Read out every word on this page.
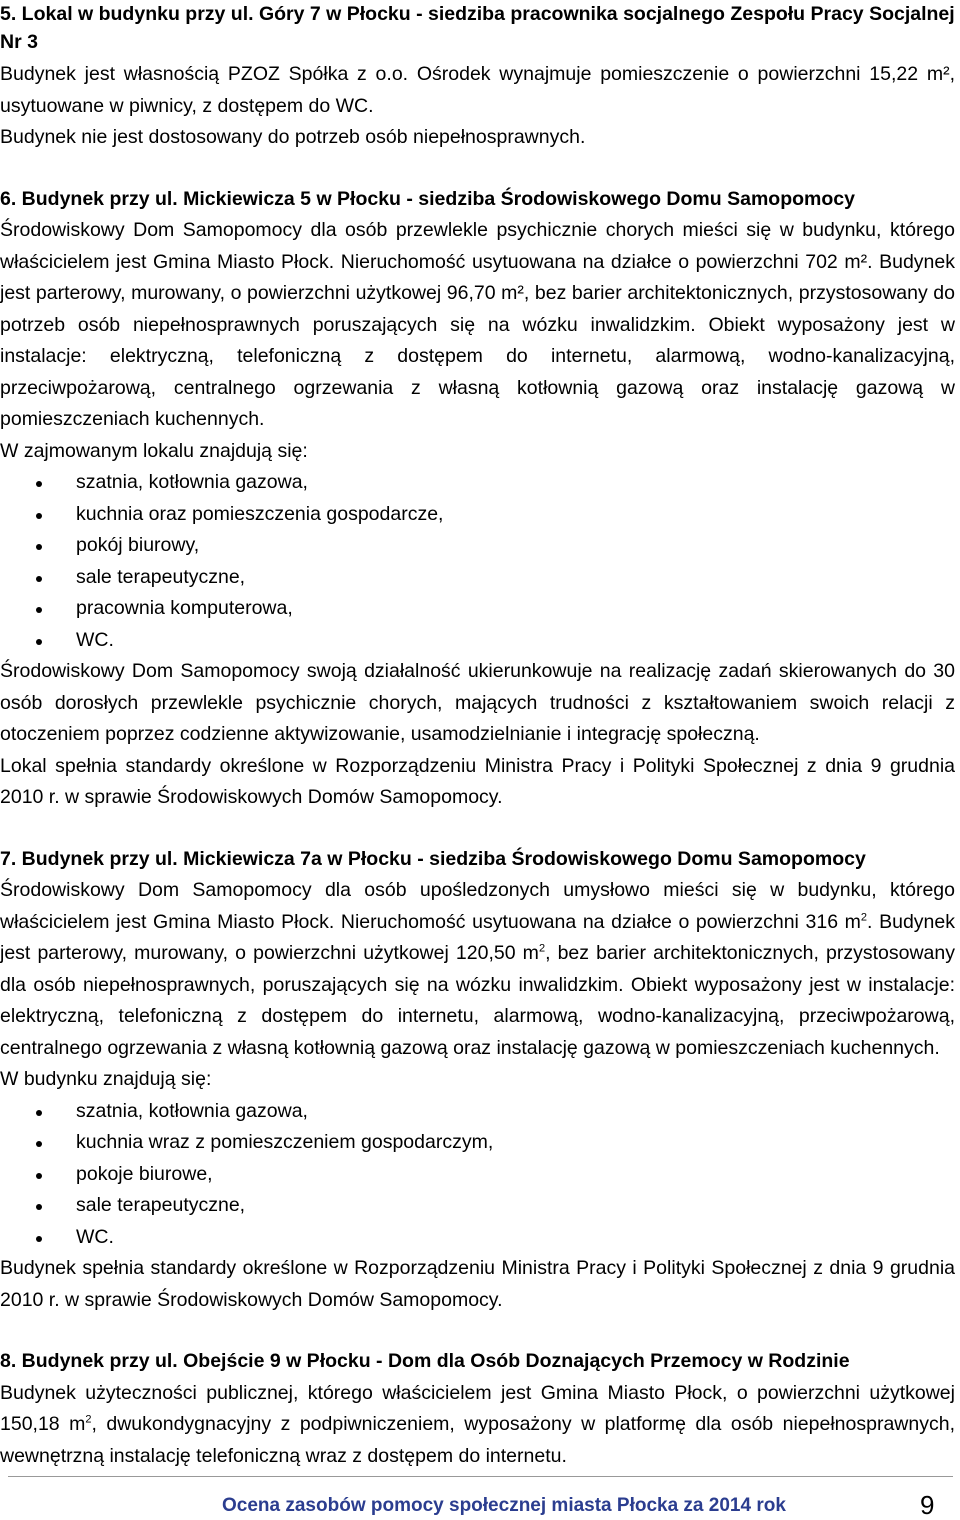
5. Lokal w budynku przy ul. Góry 7 w Płocku - siedziba pracownika socjalnego Zespołu Pracy Socjalnej Nr 3
Budynek jest własnością PZOZ Spółka z o.o. Ośrodek wynajmuje pomieszczenie o powierzchni 15,22 m², usytuowane w piwnicy, z dostępem do WC.
Budynek nie jest dostosowany do potrzeb osób niepełnosprawnych.
6. Budynek przy ul. Mickiewicza 5 w Płocku - siedziba Środowiskowego Domu Samopomocy
Środowiskowy Dom Samopomocy dla osób przewlekle psychicznie chorych mieści się w budynku, którego właścicielem jest Gmina Miasto Płock. Nieruchomość usytuowana na działce o powierzchni 702 m². Budynek jest parterowy, murowany, o powierzchni użytkowej 96,70 m², bez barier architektonicznych, przystosowany do potrzeb osób niepełnosprawnych poruszających się na wózku inwalidzkim. Obiekt wyposażony jest w instalacje: elektryczną, telefoniczną z dostępem do internetu, alarmową, wodno-kanalizacyjną, przeciwpożarową, centralnego ogrzewania z własną kotłownią gazową oraz instalację gazową w pomieszczeniach kuchennych.
W zajmowanym lokalu znajdują się:
szatnia, kotłownia gazowa,
kuchnia oraz pomieszczenia gospodarcze,
pokój biurowy,
sale terapeutyczne,
pracownia komputerowa,
WC.
Środowiskowy Dom Samopomocy swoją działalność ukierunkowuje na realizację zadań skierowanych do 30 osób dorosłych przewlekle psychicznie chorych, mających trudności z kształtowaniem swoich relacji z otoczeniem poprzez codzienne aktywizowanie, usamodzielnianie i integrację społeczną.
Lokal spełnia standardy określone w Rozporządzeniu Ministra Pracy i Polityki Społecznej z dnia 9 grudnia 2010 r. w sprawie Środowiskowych Domów Samopomocy.
7. Budynek przy ul. Mickiewicza 7a w Płocku - siedziba Środowiskowego Domu Samopomocy
Środowiskowy Dom Samopomocy dla osób upośledzonych umysłowo mieści się w budynku, którego właścicielem jest Gmina Miasto Płock. Nieruchomość usytuowana na działce o powierzchni 316 $m^2$. Budynek jest parterowy, murowany, o powierzchni użytkowej 120,50 $m^2$, bez barier architektonicznych, przystosowany dla osób niepełnosprawnych, poruszających się na wózku inwalidzkim. Obiekt wyposażony jest w instalacje: elektryczną, telefoniczną z dostępem do internetu, alarmową, wodno-kanalizacyjną, przeciwpożarową, centralnego ogrzewania z własną kotłownią gazową oraz instalację gazową w pomieszczeniach kuchennych.
W budynku znajdują się:
szatnia, kotłownia gazowa,
kuchnia wraz z pomieszczeniem gospodarczym,
pokoje biurowe,
sale terapeutyczne,
WC.
Budynek spełnia standardy określone w Rozporządzeniu Ministra Pracy i Polityki Społecznej z dnia 9 grudnia 2010 r. w sprawie Środowiskowych Domów Samopomocy.
8. Budynek przy ul. Obejście 9 w Płocku - Dom dla Osób Doznających Przemocy w Rodzinie
Budynek użyteczności publicznej, którego właścicielem jest Gmina Miasto Płock, o powierzchni użytkowej 150,18 $m^2$, dwukondygnacyjny z podpiwniczeniem, wyposażony w platformę dla osób niepełnosprawnych, wewnętrzną instalację telefoniczną wraz z dostępem do internetu.
Ocena zasobów pomocy społecznej miasta Płocka za 2014 rok	9
